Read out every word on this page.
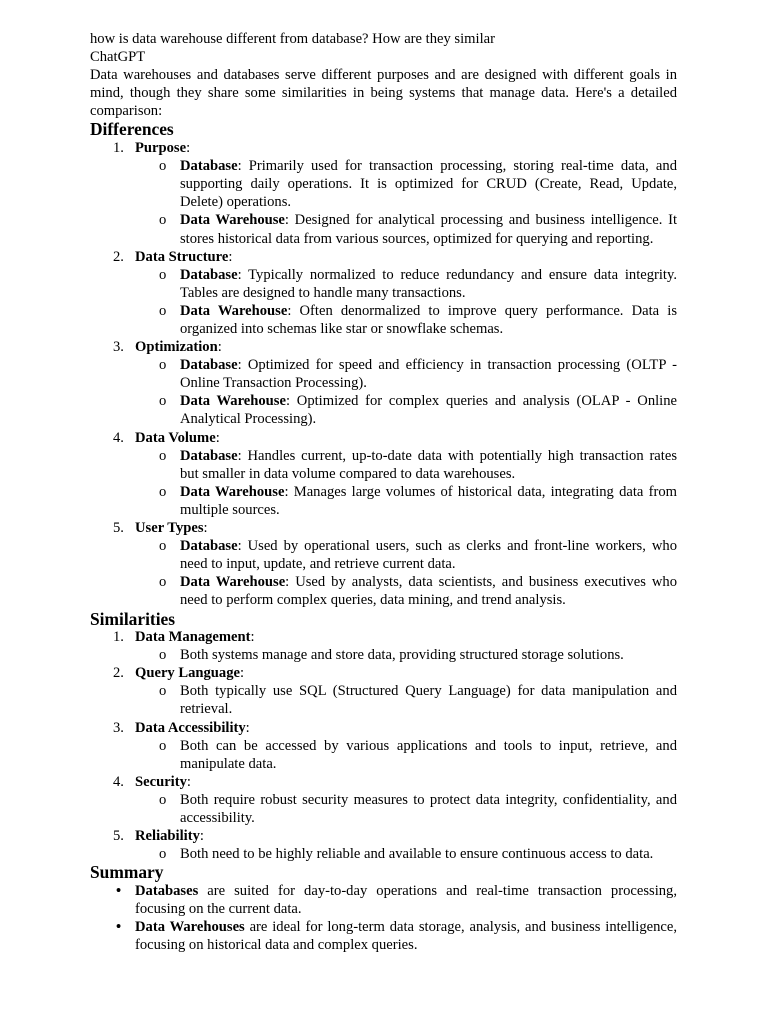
how is data warehouse different from database? How are they similar

ChatGPT

Data warehouses and databases serve different purposes and are designed with different goals in mind, though they share some similarities in being systems that manage data. Here's a detailed comparison:

Differences
1. Purpose:
o Database: Primarily used for transaction processing, storing real-time data, and supporting daily operations. It is optimized for CRUD (Create, Read, Update, Delete) operations.
o Data Warehouse: Designed for analytical processing and business intelligence. It stores historical data from various sources, optimized for querying and reporting.
2. Data Structure:
o Database: Typically normalized to reduce redundancy and ensure data integrity. Tables are designed to handle many transactions.
o Data Warehouse: Often denormalized to improve query performance. Data is organized into schemas like star or snowflake schemas.
3. Optimization:
o Database: Optimized for speed and efficiency in transaction processing (OLTP - Online Transaction Processing).
o Data Warehouse: Optimized for complex queries and analysis (OLAP - Online Analytical Processing).
4. Data Volume:
o Database: Handles current, up-to-date data with potentially high transaction rates but smaller in data volume compared to data warehouses.
o Data Warehouse: Manages large volumes of historical data, integrating data from multiple sources.
5. User Types:
o Database: Used by operational users, such as clerks and front-line workers, who need to input, update, and retrieve current data.
o Data Warehouse: Used by analysts, data scientists, and business executives who need to perform complex queries, data mining, and trend analysis.
Similarities
1. Data Management:
o Both systems manage and store data, providing structured storage solutions.
2. Query Language:
o Both typically use SQL (Structured Query Language) for data manipulation and retrieval.
3. Data Accessibility:
o Both can be accessed by various applications and tools to input, retrieve, and manipulate data.
4. Security:
o Both require robust security measures to protect data integrity, confidentiality, and accessibility.
5. Reliability:
o Both need to be highly reliable and available to ensure continuous access to data.
Summary
• Databases are suited for day-to-day operations and real-time transaction processing, focusing on the current data.
• Data Warehouses are ideal for long-term data storage, analysis, and business intelligence, focusing on historical data and complex queries.
